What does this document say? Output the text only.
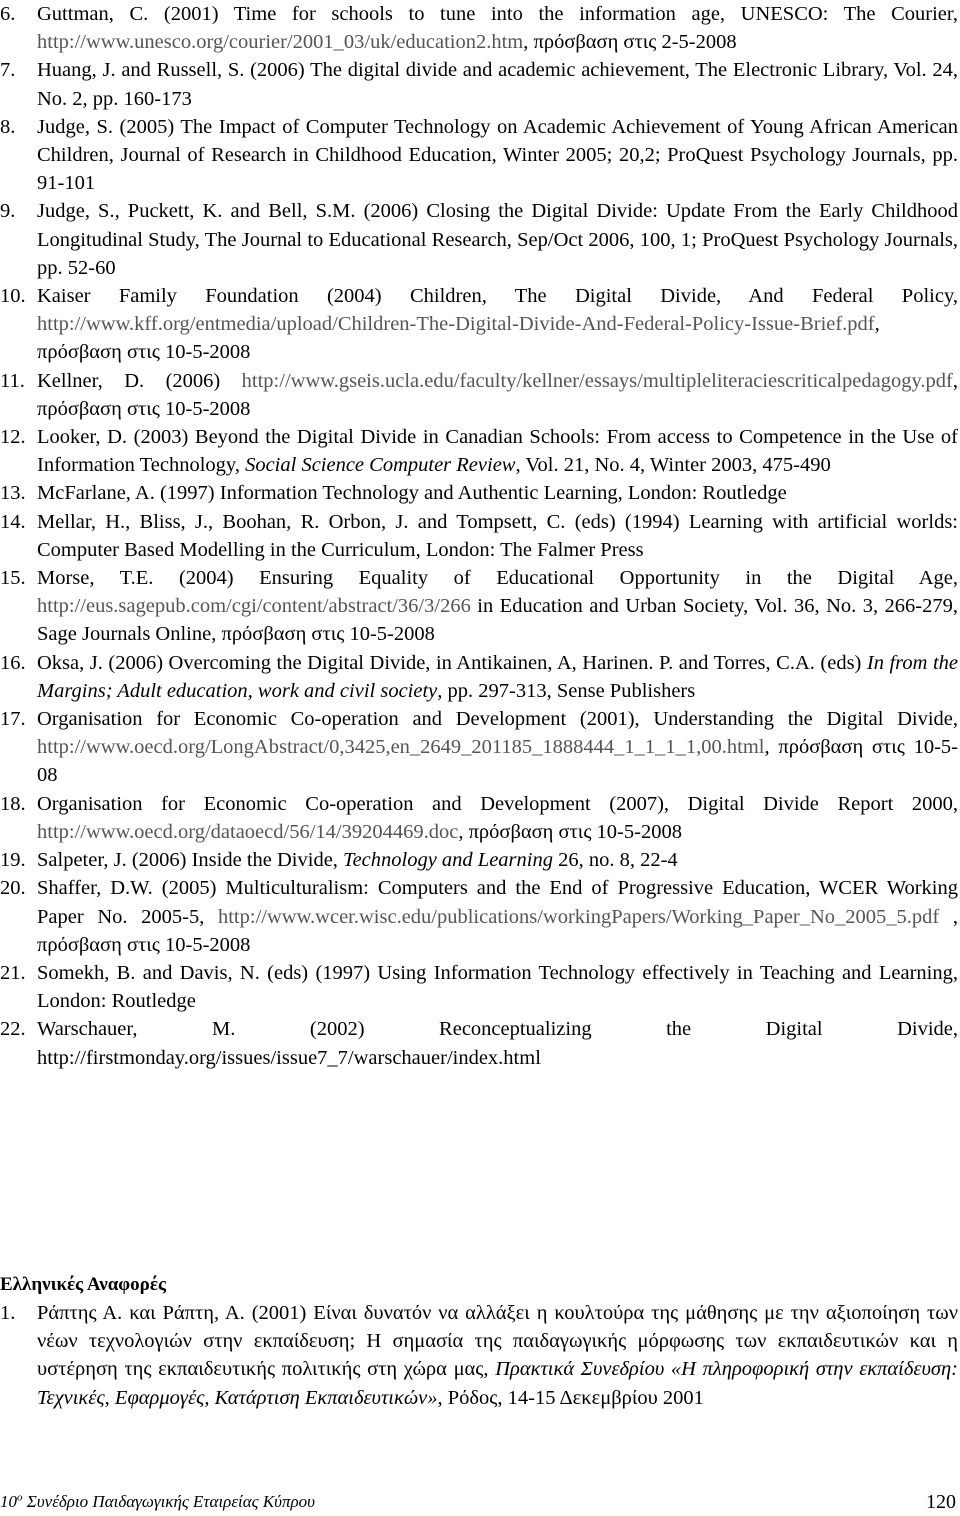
6. Guttman, C. (2001) Time for schools to tune into the information age, UNESCO: The Courier, http://www.unesco.org/courier/2001_03/uk/education2.htm, πρόσβαση στις 2-5-2008
7. Huang, J. and Russell, S. (2006) The digital divide and academic achievement, The Electronic Library, Vol. 24, No. 2, pp. 160-173
8. Judge, S. (2005) The Impact of Computer Technology on Academic Achievement of Young African American Children, Journal of Research in Childhood Education, Winter 2005; 20,2; ProQuest Psychology Journals, pp. 91-101
9. Judge, S., Puckett, K. and Bell, S.M. (2006) Closing the Digital Divide: Update From the Early Childhood Longitudinal Study, The Journal to Educational Research, Sep/Oct 2006, 100, 1; ProQuest Psychology Journals, pp. 52-60
10. Kaiser Family Foundation (2004) Children, The Digital Divide, And Federal Policy, http://www.kff.org/entmedia/upload/Children-The-Digital-Divide-And-Federal-Policy-Issue-Brief.pdf, πρόσβαση στις 10-5-2008
11. Kellner, D. (2006) http://www.gseis.ucla.edu/faculty/kellner/essays/multipleliteraciescriticalpedagogy.pdf, πρόσβαση στις 10-5-2008
12. Looker, D. (2003) Beyond the Digital Divide in Canadian Schools: From access to Competence in the Use of Information Technology, Social Science Computer Review, Vol. 21, No. 4, Winter 2003, 475-490
13. McFarlane, A. (1997) Information Technology and Authentic Learning, London: Routledge
14. Mellar, H., Bliss, J., Boohan, R. Orbon, J. and Tompsett, C. (eds) (1994) Learning with artificial worlds: Computer Based Modelling in the Curriculum, London: The Falmer Press
15. Morse, T.E. (2004) Ensuring Equality of Educational Opportunity in the Digital Age, http://eus.sagepub.com/cgi/content/abstract/36/3/266 in Education and Urban Society, Vol. 36, No. 3, 266-279, Sage Journals Online, πρόσβαση στις 10-5-2008
16. Oksa, J. (2006) Overcoming the Digital Divide, in Antikainen, A, Harinen. P. and Torres, C.A. (eds) In from the Margins; Adult education, work and civil society, pp. 297-313, Sense Publishers
17. Organisation for Economic Co-operation and Development (2001), Understanding the Digital Divide, http://www.oecd.org/LongAbstract/0,3425,en_2649_201185_1888444_1_1_1_1,00.html, πρόσβαση στις 10-5-08
18. Organisation for Economic Co-operation and Development (2007), Digital Divide Report 2000, http://www.oecd.org/dataoecd/56/14/39204469.doc, πρόσβαση στις 10-5-2008
19. Salpeter, J. (2006) Inside the Divide, Technology and Learning 26, no. 8, 22-4
20. Shaffer, D.W. (2005) Multiculturalism: Computers and the End of Progressive Education, WCER Working Paper No. 2005-5, http://www.wcer.wisc.edu/publications/workingPapers/Working_Paper_No_2005_5.pdf , πρόσβαση στις 10-5-2008
21. Somekh, B. and Davis, N. (eds) (1997) Using Information Technology effectively in Teaching and Learning, London: Routledge
22. Warschauer, M. (2002) Reconceptualizing the Digital Divide, http://firstmonday.org/issues/issue7_7/warschauer/index.html
Ελληνικές Αναφορές
1. Ράπτης Α. και Ράπτη, Α. (2001) Είναι δυνατόν να αλλάξει η κουλτούρα της μάθησης με την αξιοποίηση των νέων τεχνολογιών στην εκπαίδευση; Η σημασία της παιδαγωγικής μόρφωσης των εκπαιδευτικών και η υστέρηση της εκπαιδευτικής πολιτικής στη χώρα μας, Πρακτικά Συνεδρίου «Η πληροφορική στην εκπαίδευση: Τεχνικές, Εφαρμογές, Κατάρτιση Εκπαιδευτικών», Ρόδος, 14-15 Δεκεμβρίου 2001
$10^o$ Συνέδριο Παιδαγωγικής Εταιρείας Κύπρου	120
